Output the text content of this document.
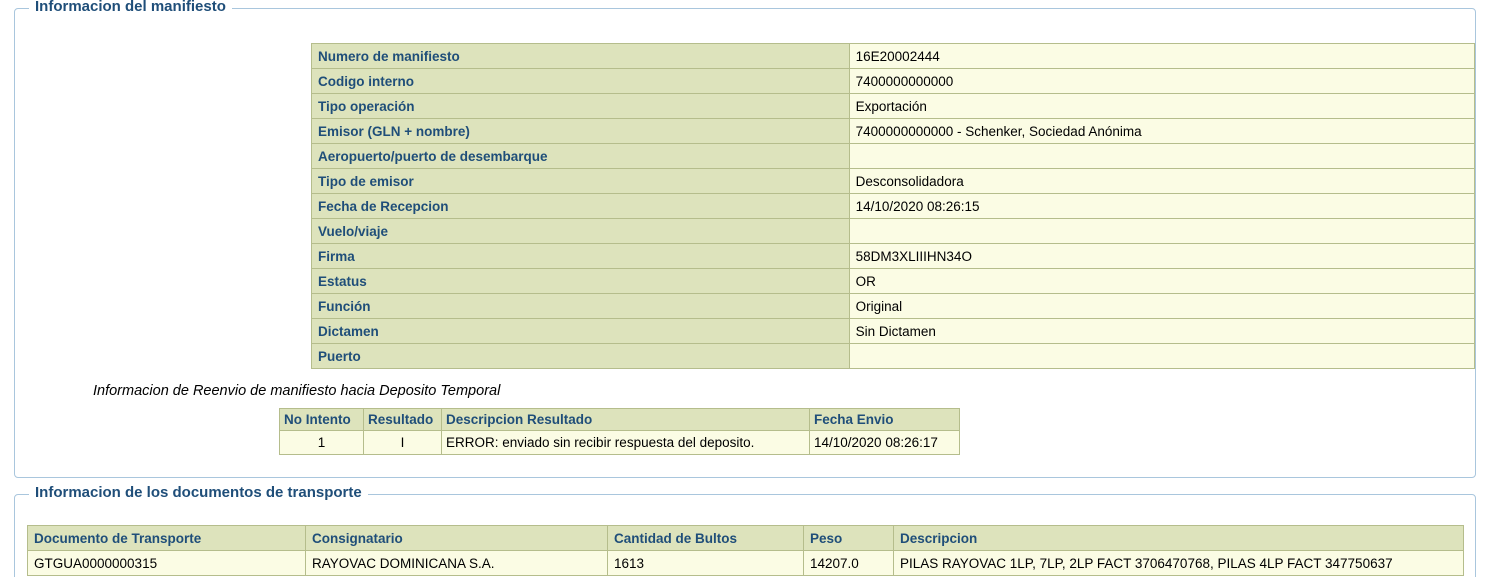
Informacion del manifiesto
Numero de manifiesto	16E20002444
Codigo interno	7400000000000
Tipo operación	Exportación
Emisor (GLN + nombre)	7400000000000 - Schenker, Sociedad Anónima
Aeropuerto/puerto de desembarque	
Tipo de emisor	Desconsolidadora
Fecha de Recepcion	14/10/2020 08:26:15
Vuelo/viaje	
Firma	58DM3XLIIIHN34O
Estatus	OR
Función	Original
Dictamen	Sin Dictamen
Puerto	
Informacion de Reenvio de manifiesto hacia Deposito Temporal
No Intento	Resultado	Descripcion Resultado	Fecha Envio
1	I	ERROR: enviado sin recibir respuesta del deposito.	14/10/2020 08:26:17
Informacion de los documentos de transporte
Documento de Transporte	Consignatario	Cantidad de Bultos	Peso	Descripcion
GTGUA0000000315	RAYOVAC DOMINICANA S.A.	1613	14207.0	PILAS RAYOVAC 1LP, 7LP, 2LP FACT 3706470768, PILAS 4LP FACT 347750637
